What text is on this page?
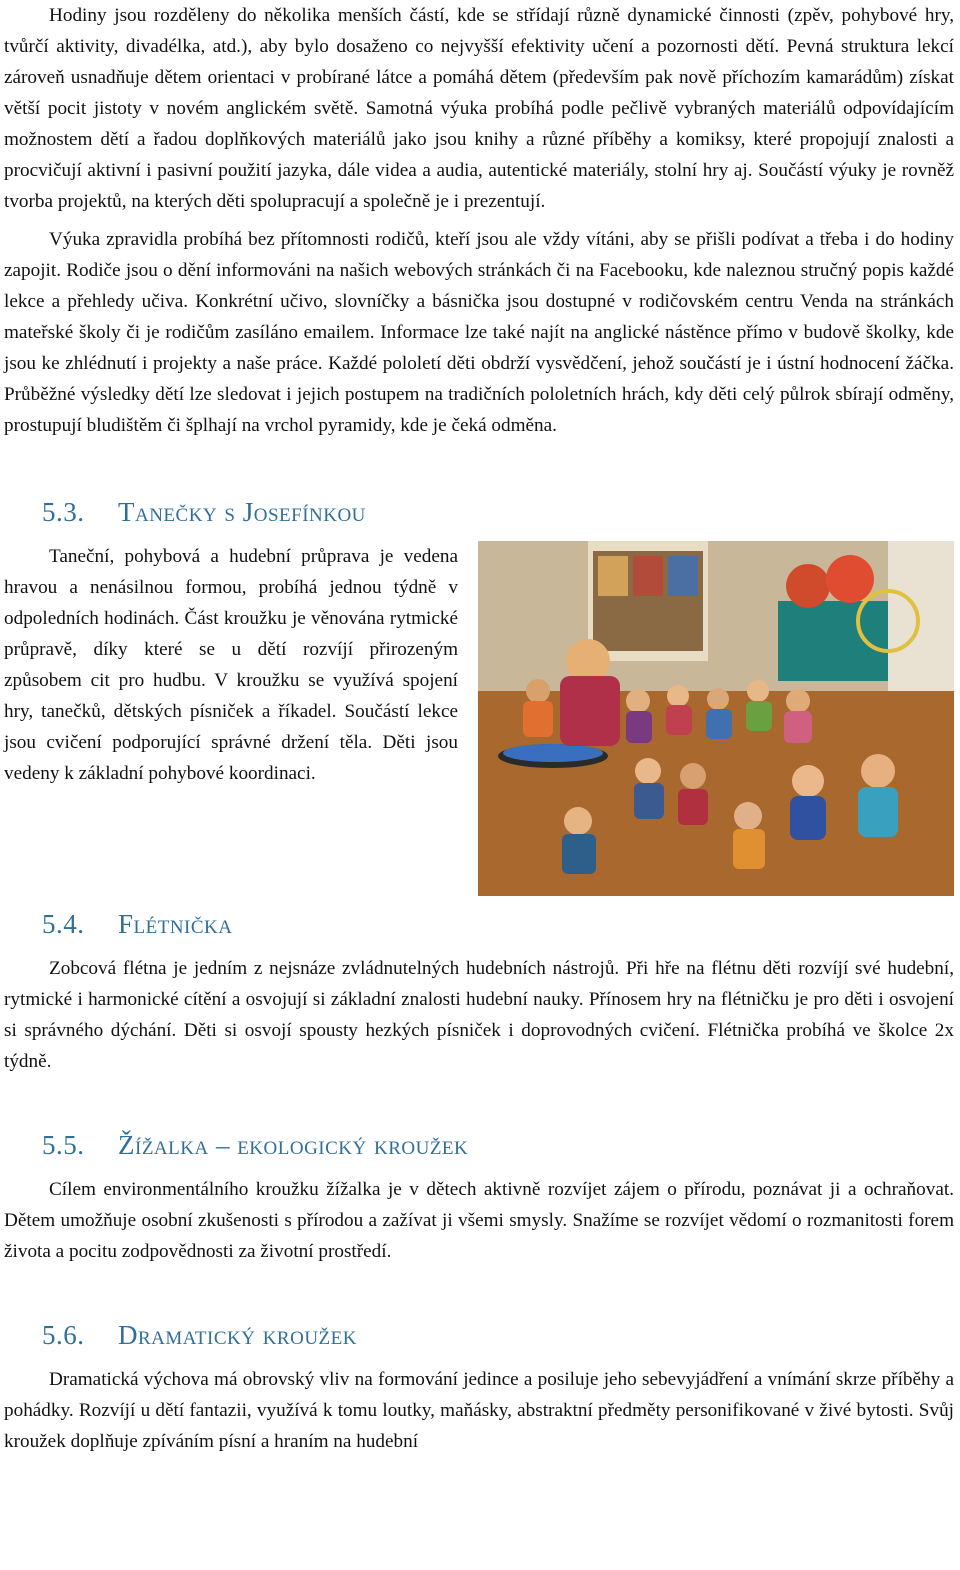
Hodiny jsou rozděleny do několika menších částí, kde se střídají různě dynamické činnosti (zpěv, pohybové hry, tvůrčí aktivity, divadélka, atd.), aby bylo dosaženo co nejvyšší efektivity učení a pozornosti dětí. Pevná struktura lekcí zároveň usnadňuje dětem orientaci v probírané látce a pomáhá dětem (především pak nově příchozím kamarádům) získat větší pocit jistoty v novém anglickém světě. Samotná výuka probíhá podle pečlivě vybraných materiálů odpovídajícím možnostem dětí a řadou doplňkových materiálů jako jsou knihy a různé příběhy a komiksy, které propojují znalosti a procvičují aktivní i pasivní použití jazyka, dále videa a audia, autentické materiály, stolní hry aj. Součástí výuky je rovněž tvorba projektů, na kterých děti spolupracují a společně je i prezentují.

Výuka zpravidla probíhá bez přítomnosti rodičů, kteří jsou ale vždy vítáni, aby se přišli podívat a třeba i do hodiny zapojit. Rodiče jsou o dění informováni na našich webových stránkách či na Facebooku, kde naleznou stručný popis každé lekce a přehledy učiva. Konkrétní učivo, slovníčky a básnička jsou dostupné v rodičovském centru Venda na stránkách mateřské školy či je rodičům zasíláno emailem. Informace lze také najít na anglické nástěnce přímo v budově školky, kde jsou ke zhlédnutí i projekty a naše práce. Každé pololetí děti obdrží vysvědčení, jehož součástí je i ústní hodnocení žáčka. Průběžné výsledky dětí lze sledovat i jejich postupem na tradičních pololetních hrách, kdy děti celý půlrok sbírají odměny, prostupují bludištěm či šplhají na vrchol pyramidy, kde je čeká odměna.

5.3. Tanečky s Josefínkou

Taneční, pohybová a hudební průprava je vedena hravou a nenásilnou formou, probíhá jednou týdně v odpoledních hodinách. Část kroužku je věnována rytmické průpravě, díky které se u dětí rozvíjí přirozeným způsobem cit pro hudbu. V kroužku se využívá spojení hry, tanečků, dětských písniček a říkadel. Součástí lekce jsou cvičení podporující správné držení těla. Děti jsou vedeny k základní pohybové koordinaci.

5.4. Flétnička

Zobcová flétna je jedním z nejsnáze zvládnutelných hudebních nástrojů. Při hře na flétnu děti rozvíjí své hudební, rytmické i harmonické cítění a osvojují si základní znalosti hudební nauky. Přínosem hry na flétničku je pro děti i osvojení si správného dýchání. Děti si osvojí spousty hezkých písniček i doprovodných cvičení. Flétnička probíhá ve školce 2x týdně.

5.5. Žížalka – ekologický kroužek

Cílem environmentálního kroužku žížalka je v dětech aktivně rozvíjet zájem o přírodu, poznávat ji a ochraňovat. Dětem umožňuje osobní zkušenosti s přírodou a zažívat ji všemi smysly. Snažíme se rozvíjet vědomí o rozmanitosti forem života a pocitu zodpovědnosti za životní prostředí.

5.6. Dramatický kroužek

Dramatická výchova má obrovský vliv na formování jedince a posiluje jeho sebevyjádření a vnímání skrze příběhy a pohádky. Rozvíjí u dětí fantazii, využívá k tomu loutky, maňásky, abstraktní předměty personifikované v živé bytosti. Svůj kroužek doplňuje zpíváním písní a hraním na hudební
